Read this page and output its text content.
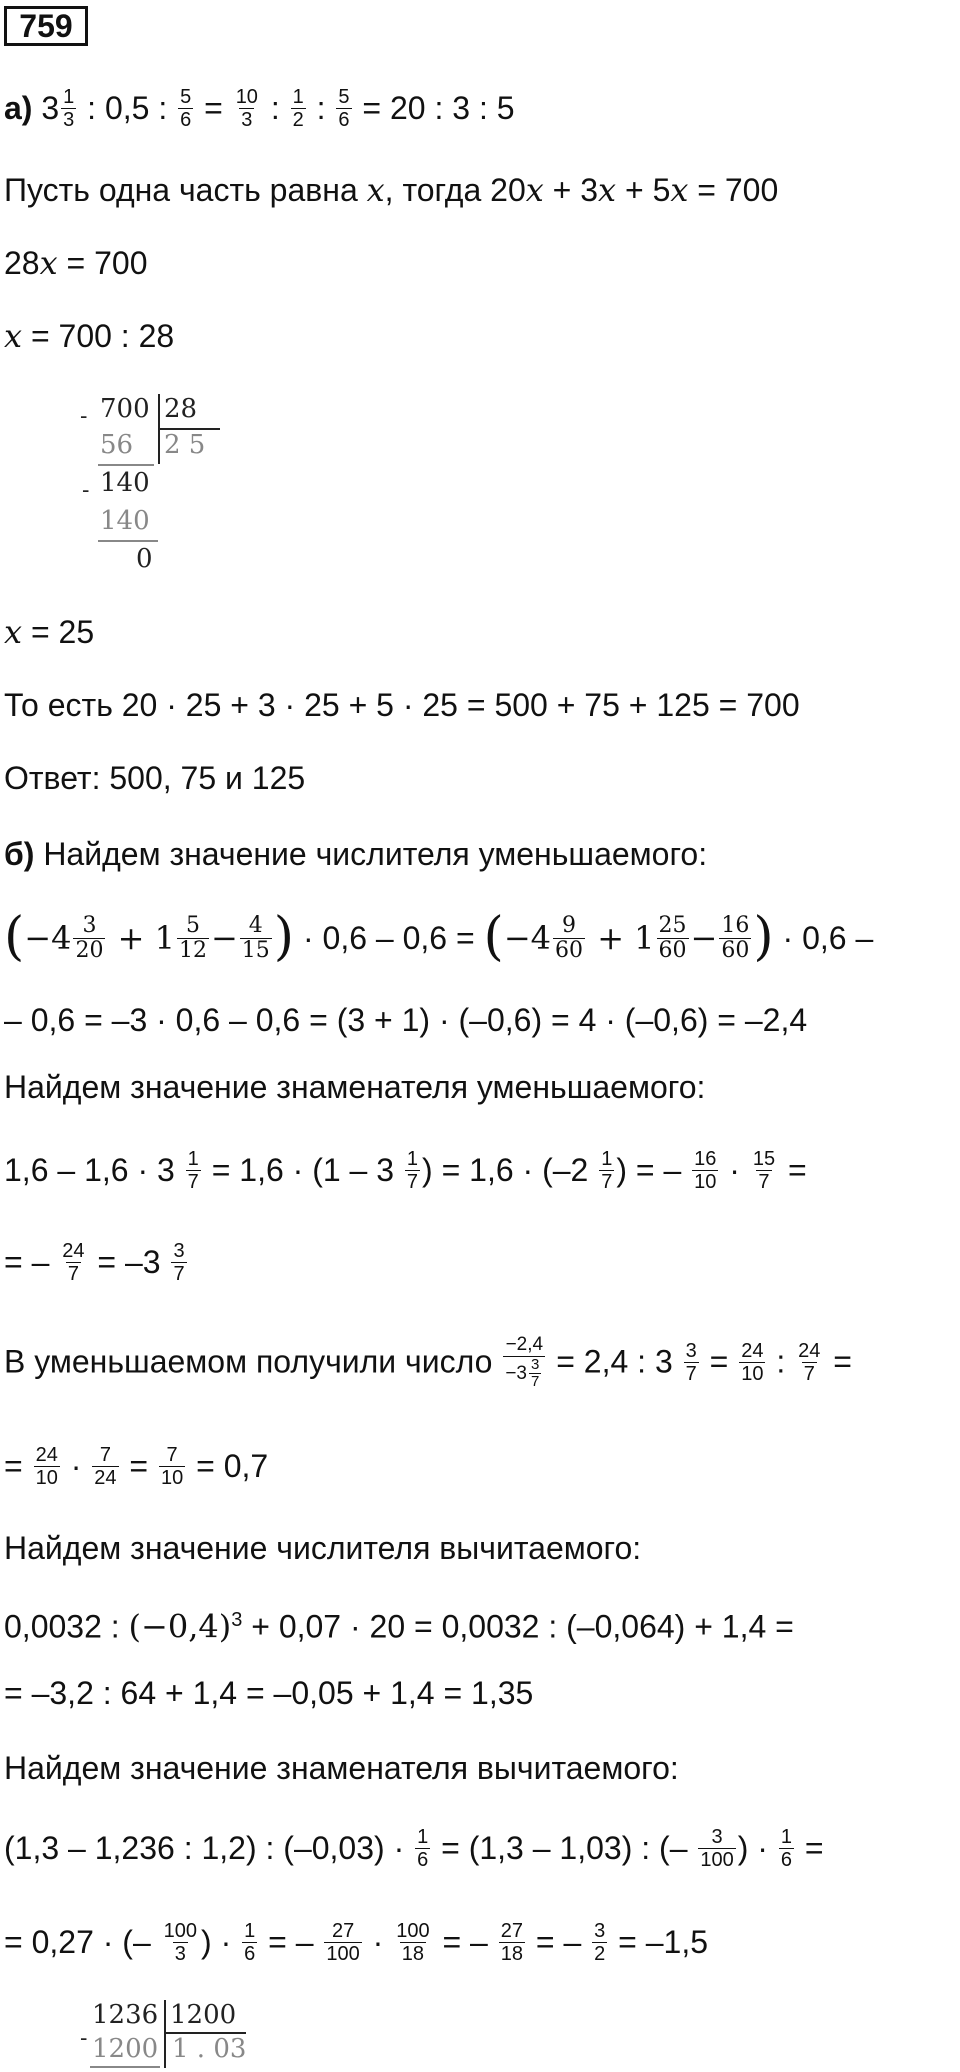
759
а) $3 \frac{1}{3}$ : 0,5 : $\frac{5}{6} = \frac{10}{3}$ : $\frac{1}{2}$ : $\frac{5}{6} = 20$ : 3 : 5
Пусть одна часть равна x, тогда 20x + 3x + 5x = 700
28x = 700
x = 700 : 28
- 700 28
56 2 5
- 140
140
0
x = 25
То есть 20 · 25 + 3 · 25 + 5 · 25 = 500 + 75 + 125 = 700
Ответ: 500, 75 и 125
б) Найдем значение числителя уменьшаемого:
($-4 \frac{3}{20} + 1 \frac{5}{12} - \frac{4}{15}$ ) · $0,6 - 0,6 = (-4 \frac{9}{60} + 1 \frac{25}{60} - \frac{16}{60}$ ) · 0,6 –
– 0,6 = –3 · 0,6 – 0,6 = (3 + 1) · (–0,6) = 4 · (–0,6) = –2,4
Найдем значение знаменателя уменьшаемого:
$1,6 - 1,6 \cdot 3 \frac{1}{7} = 1,6 \cdot (1 - 3 \frac{1}{7}$ ) = $1,6 \cdot (-2 \frac{1}{7}$ ) = – $\frac{16}{10} \cdot \frac{15}{7}$ =
= – $\frac{24}{7} = -3 \frac{3}{7}$
В уменьшаемом получили число $\frac{-2,4}{-3 \frac{3}{7}} = 2,4$ : $3 \frac{3}{7} = \frac{24}{10}$ : $\frac{24}{7}$ =
= $\frac{24}{10} \cdot \frac{7}{24} = \frac{7}{10} = 0,7$
Найдем значение числителя вычитаемого:
0,0032 : $(-0,4)^3 + 0,07 \cdot 20 = 0,0032$ : (–0,064) + 1,4 =
= –3,2 : 64 + 1,4 = –0,05 + 1,4 = 1,35
Найдем значение знаменателя вычитаемого:
(1,3 – 1,236 : 1,2) : $(-0,03) \cdot \frac{1}{6} = (1,3 - 1,03)$ : (– $\frac{3}{100}$ ) · $\frac{1}{6}$ =
= 0,27 · (– $\frac{100}{3}$ ) · $\frac{1}{6}$ = – $\frac{27}{100} \cdot \frac{100}{18}$ = – $\frac{27}{18}$ = – $\frac{3}{2} = -1,5$
-
1236 1200
1200 1 . 03
